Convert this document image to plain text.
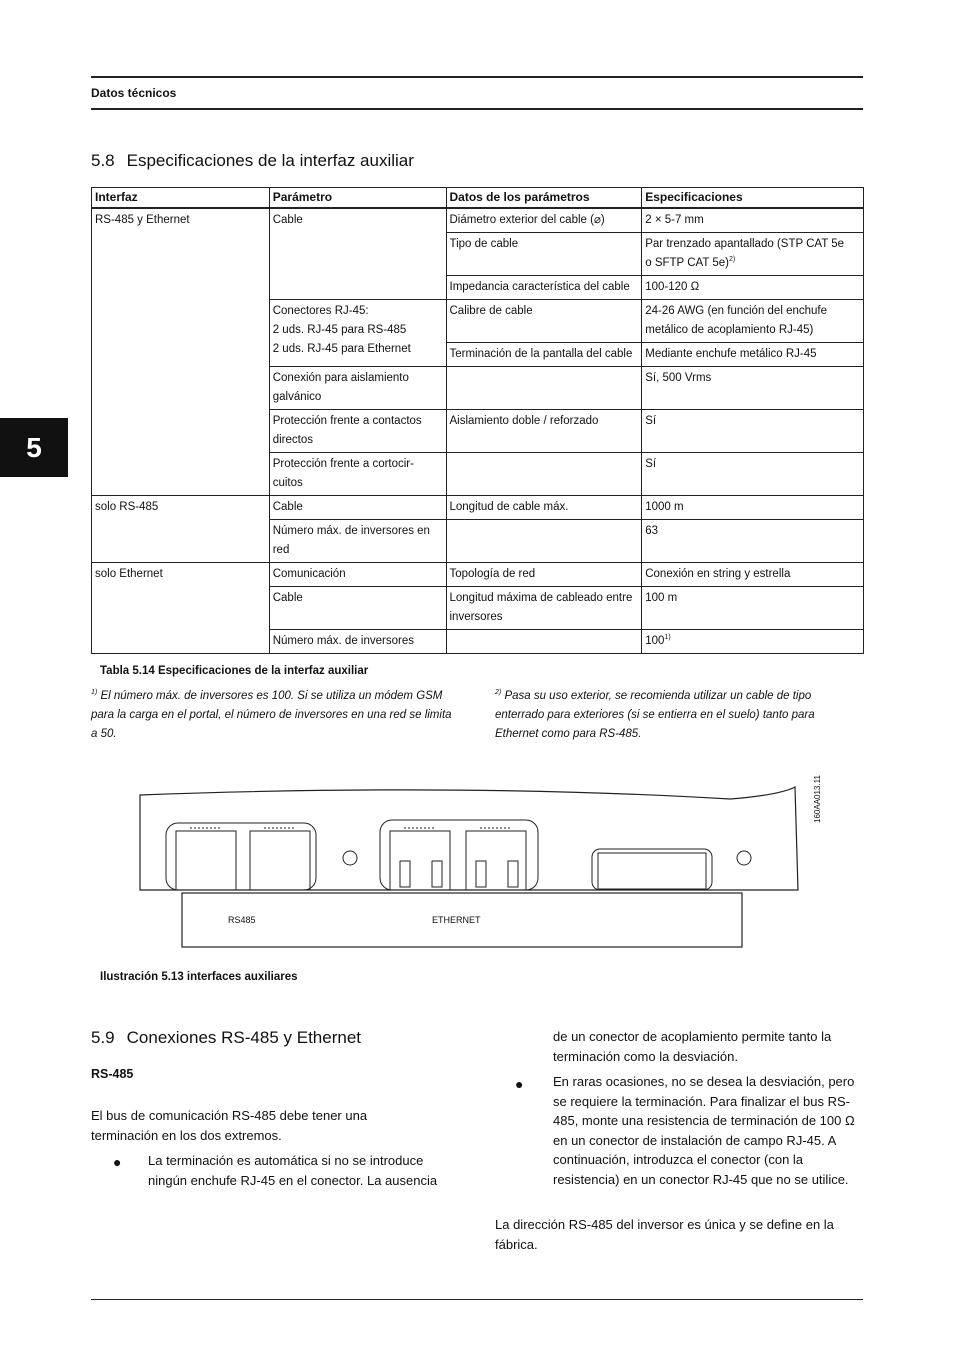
Datos técnicos
5
5.8 Especificaciones de la interfaz auxiliar
Interfaz	Parámetro	Datos de los parámetros	Especificaciones
RS-485 y Ethernet	Cable	Diámetro exterior del cable (⌀)	2 × 5-7 mm
		Tipo de cable	Par trenzado apantallado (STP CAT 5e
o SFTP CAT 5e)$^{2)}$
		Impedancia característica del cable	100-120 Ω
	Conectores RJ-45:
2 uds. RJ-45 para RS-485
2 uds. RJ-45 para Ethernet	Calibre de cable	24-26 AWG (en función del enchufe metálico de acoplamiento RJ-45)
		Terminación de la pantalla del cable	Mediante enchufe metálico RJ-45
	Conexión para aislamiento galvánico		Sí, 500 Vrms
	Protección frente a contactos directos	Aislamiento doble / reforzado	Sí
	Protección frente a cortocir-cuitos		Sí
solo RS-485	Cable	Longitud de cable máx.	1000 m
	Número máx. de inversores en red		63
solo Ethernet	Comunicación	Topología de red	Conexión en string y estrella
	Cable	Longitud máxima de cableado entre inversores	100 m
	Número máx. de inversores		100$^{1)}$
Tabla 5.14 Especificaciones de la interfaz auxiliar
$^{1)}$ El número máx. de inversores es 100. Si se utiliza un módem GSM para la carga en el portal, el número de inversores en una red se limita a 50.
$^{2)}$ Pasa su uso exterior, se recomienda utilizar un cable de tipo enterrado para exteriores (si se entierra en el suelo) tanto para Ethernet como para RS-485.
RS485	ETHERNET
160AA013.11
Ilustración 5.13 interfaces auxiliares
5.9 Conexiones RS-485 y Ethernet
RS-485
El bus de comunicación RS-485 debe tener una terminación en los dos extremos.
● La terminación es automática si no se introduce ningún enchufe RJ-45 en el conector. La ausencia
de un conector de acoplamiento permite tanto la terminación como la desviación.
● En raras ocasiones, no se desea la desviación, pero se requiere la terminación. Para finalizar el bus RS-485, monte una resistencia de terminación de 100 Ω en un conector de instalación de campo RJ-45. A continuación, introduzca el conector (con la resistencia) en un conector RJ-45 que no se utilice.
La dirección RS-485 del inversor es única y se define en la fábrica.
